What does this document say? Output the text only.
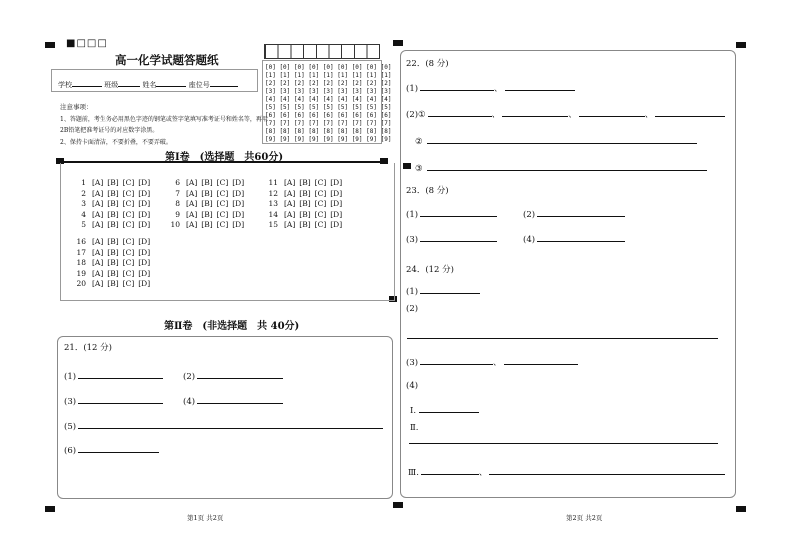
■□□□
高一化学试题答题纸
学校	班级	姓名	座位号
注意事项：
1、答题前，考生务必用黑色字迹的钢笔或签字笔填写准考证号和姓名等，再用
2B铅笔把准考证号的对应数字涂黑。
2、保持卡面清洁，不要折叠，不要弄破。
[0] [0] [0] [0] [0] [0] [0] [0] [0]
[1] [1] [1] [1] [1] [1] [1] [1] [1]
[2] [2] [2] [2] [2] [2] [2] [2] [2]
[3] [3] [3] [3] [3] [3] [3] [3] [3]
[4] [4] [4] [4] [4] [4] [4] [4] [4]
[5] [5] [5] [5] [5] [5] [5] [5] [5]
[6] [6] [6] [6] [6] [6] [6] [6] [6]
[7] [7] [7] [7] [7] [7] [7] [7] [7]
[8] [8] [8] [8] [8] [8] [8] [8] [8]
[9] [9] [9] [9] [9] [9] [9] [9] [9]
第Ⅰ卷　(选择题　共60分)
1 [A] [B] [C] [D]
2 [A] [B] [C] [D]
3 [A] [B] [C] [D]
4 [A] [B] [C] [D]
5 [A] [B] [C] [D]
6 [A] [B] [C] [D]
7 [A] [B] [C] [D]
8 [A] [B] [C] [D]
9 [A] [B] [C] [D]
10 [A] [B] [C] [D]
11 [A] [B] [C] [D]
12 [A] [B] [C] [D]
13 [A] [B] [C] [D]
14 [A] [B] [C] [D]
15 [A] [B] [C] [D]
16 [A] [B] [C] [D]
17 [A] [B] [C] [D]
18 [A] [B] [C] [D]
19 [A] [B] [C] [D]
20 [A] [B] [C] [D]
第Ⅱ卷　(非选择题　共 40分)
21．(12 分)
(1)	(2)
(3)	(4)
(5)
(6)
第1页 共2页
22．(8 分)
(1)	、
(2)①	、	、	、
②
③
23．(8 分)
(1)	(2)
(3)	(4)
24．(12 分)
(1)
(2)
(3)	、
(4)
Ⅰ.
Ⅱ.
Ⅲ.	、
第2页 共2页
